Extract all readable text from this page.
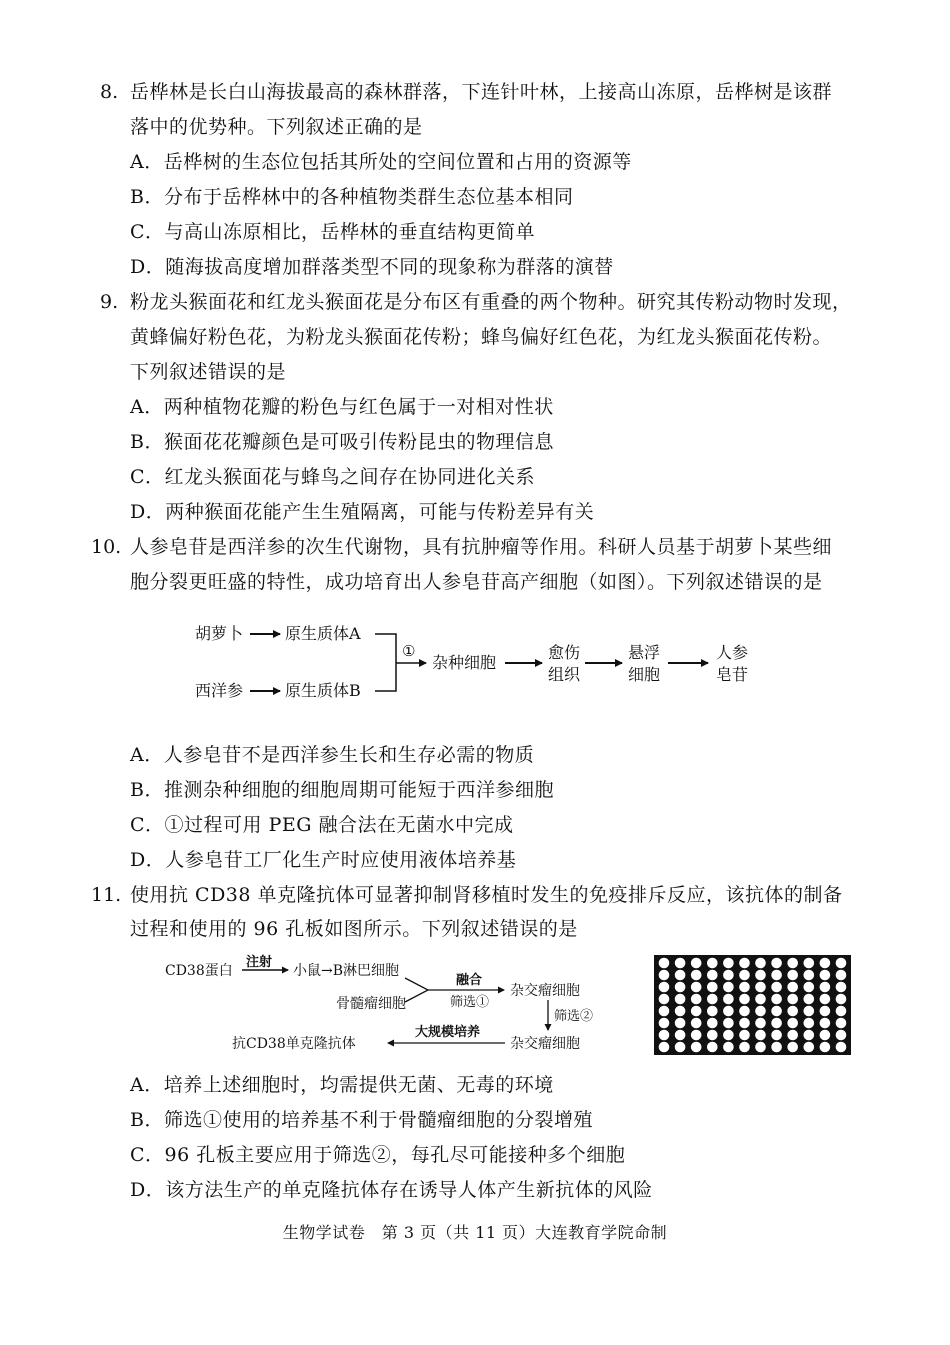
8. 岳桦林是长白山海拔最高的森林群落，下连针叶林，上接高山冻原，岳桦树是该群
落中的优势种。下列叙述正确的是
A．岳桦树的生态位包括其所处的空间位置和占用的资源等
B．分布于岳桦林中的各种植物类群生态位基本相同
C．与高山冻原相比，岳桦林的垂直结构更简单
D．随海拔高度增加群落类型不同的现象称为群落的演替
9. 粉龙头猴面花和红龙头猴面花是分布区有重叠的两个物种。研究其传粉动物时发现，
黄蜂偏好粉色花，为粉龙头猴面花传粉；蜂鸟偏好红色花，为红龙头猴面花传粉。
下列叙述错误的是
A．两种植物花瓣的粉色与红色属于一对相对性状
B．猴面花花瓣颜色是可吸引传粉昆虫的物理信息
C．红龙头猴面花与蜂鸟之间存在协同进化关系
D．两种猴面花能产生生殖隔离，可能与传粉差异有关
10. 人参皂苷是西洋参的次生代谢物，具有抗肿瘤等作用。科研人员基于胡萝卜某些细
胞分裂更旺盛的特性，成功培育出人参皂苷高产细胞（如图）。下列叙述错误的是
胡萝卜	原生质体A
西洋参	原生质体B
①
杂种细胞
愈伤
组织
悬浮
细胞
人参
皂苷
A．人参皂苷不是西洋参生长和生存必需的物质
B．推测杂种细胞的细胞周期可能短于西洋参细胞
C．①过程可用 PEG 融合法在无菌水中完成
D．人参皂苷工厂化生产时应使用液体培养基
11. 使用抗 CD38 单克隆抗体可显著抑制肾移植时发生的免疫排斥反应，该抗体的制备
过程和使用的 96 孔板如图所示。下列叙述错误的是
CD38蛋白
注射
小鼠→B淋巴细胞
骨髓瘤细胞
融合
筛选①
杂交瘤细胞
筛选②
杂交瘤细胞
大规模培养
抗CD38单克隆抗体
A．培养上述细胞时，均需提供无菌、无毒的环境
B．筛选①使用的培养基不利于骨髓瘤细胞的分裂增殖
C．96 孔板主要应用于筛选②，每孔尽可能接种多个细胞
D．该方法生产的单克隆抗体存在诱导人体产生新抗体的风险
生物学试卷　第 3 页（共 11 页）大连教育学院命制
